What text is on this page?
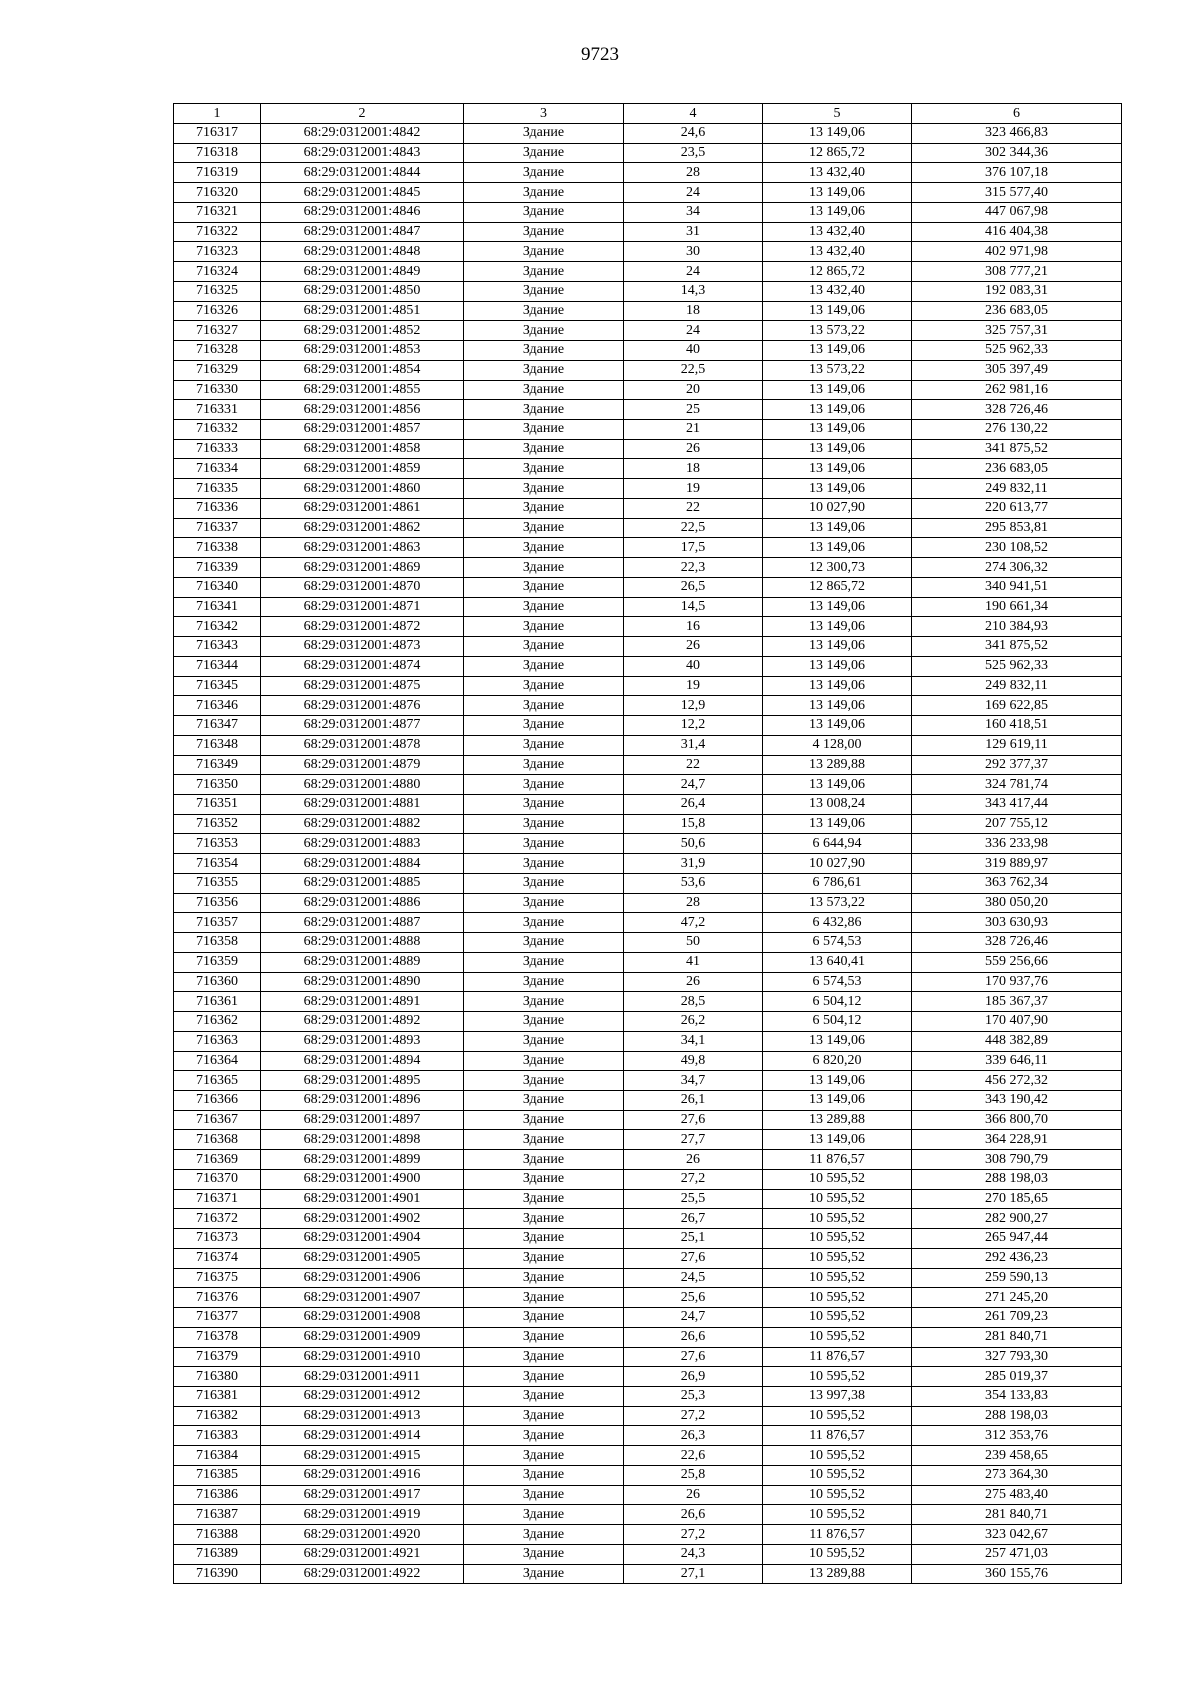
9723
1	2	3	4	5	6
716317	68:29:0312001:4842	Здание	24,6	13 149,06	323 466,83
716318	68:29:0312001:4843	Здание	23,5	12 865,72	302 344,36
716319	68:29:0312001:4844	Здание	28	13 432,40	376 107,18
716320	68:29:0312001:4845	Здание	24	13 149,06	315 577,40
716321	68:29:0312001:4846	Здание	34	13 149,06	447 067,98
716322	68:29:0312001:4847	Здание	31	13 432,40	416 404,38
716323	68:29:0312001:4848	Здание	30	13 432,40	402 971,98
716324	68:29:0312001:4849	Здание	24	12 865,72	308 777,21
716325	68:29:0312001:4850	Здание	14,3	13 432,40	192 083,31
716326	68:29:0312001:4851	Здание	18	13 149,06	236 683,05
716327	68:29:0312001:4852	Здание	24	13 573,22	325 757,31
716328	68:29:0312001:4853	Здание	40	13 149,06	525 962,33
716329	68:29:0312001:4854	Здание	22,5	13 573,22	305 397,49
716330	68:29:0312001:4855	Здание	20	13 149,06	262 981,16
716331	68:29:0312001:4856	Здание	25	13 149,06	328 726,46
716332	68:29:0312001:4857	Здание	21	13 149,06	276 130,22
716333	68:29:0312001:4858	Здание	26	13 149,06	341 875,52
716334	68:29:0312001:4859	Здание	18	13 149,06	236 683,05
716335	68:29:0312001:4860	Здание	19	13 149,06	249 832,11
716336	68:29:0312001:4861	Здание	22	10 027,90	220 613,77
716337	68:29:0312001:4862	Здание	22,5	13 149,06	295 853,81
716338	68:29:0312001:4863	Здание	17,5	13 149,06	230 108,52
716339	68:29:0312001:4869	Здание	22,3	12 300,73	274 306,32
716340	68:29:0312001:4870	Здание	26,5	12 865,72	340 941,51
716341	68:29:0312001:4871	Здание	14,5	13 149,06	190 661,34
716342	68:29:0312001:4872	Здание	16	13 149,06	210 384,93
716343	68:29:0312001:4873	Здание	26	13 149,06	341 875,52
716344	68:29:0312001:4874	Здание	40	13 149,06	525 962,33
716345	68:29:0312001:4875	Здание	19	13 149,06	249 832,11
716346	68:29:0312001:4876	Здание	12,9	13 149,06	169 622,85
716347	68:29:0312001:4877	Здание	12,2	13 149,06	160 418,51
716348	68:29:0312001:4878	Здание	31,4	4 128,00	129 619,11
716349	68:29:0312001:4879	Здание	22	13 289,88	292 377,37
716350	68:29:0312001:4880	Здание	24,7	13 149,06	324 781,74
716351	68:29:0312001:4881	Здание	26,4	13 008,24	343 417,44
716352	68:29:0312001:4882	Здание	15,8	13 149,06	207 755,12
716353	68:29:0312001:4883	Здание	50,6	6 644,94	336 233,98
716354	68:29:0312001:4884	Здание	31,9	10 027,90	319 889,97
716355	68:29:0312001:4885	Здание	53,6	6 786,61	363 762,34
716356	68:29:0312001:4886	Здание	28	13 573,22	380 050,20
716357	68:29:0312001:4887	Здание	47,2	6 432,86	303 630,93
716358	68:29:0312001:4888	Здание	50	6 574,53	328 726,46
716359	68:29:0312001:4889	Здание	41	13 640,41	559 256,66
716360	68:29:0312001:4890	Здание	26	6 574,53	170 937,76
716361	68:29:0312001:4891	Здание	28,5	6 504,12	185 367,37
716362	68:29:0312001:4892	Здание	26,2	6 504,12	170 407,90
716363	68:29:0312001:4893	Здание	34,1	13 149,06	448 382,89
716364	68:29:0312001:4894	Здание	49,8	6 820,20	339 646,11
716365	68:29:0312001:4895	Здание	34,7	13 149,06	456 272,32
716366	68:29:0312001:4896	Здание	26,1	13 149,06	343 190,42
716367	68:29:0312001:4897	Здание	27,6	13 289,88	366 800,70
716368	68:29:0312001:4898	Здание	27,7	13 149,06	364 228,91
716369	68:29:0312001:4899	Здание	26	11 876,57	308 790,79
716370	68:29:0312001:4900	Здание	27,2	10 595,52	288 198,03
716371	68:29:0312001:4901	Здание	25,5	10 595,52	270 185,65
716372	68:29:0312001:4902	Здание	26,7	10 595,52	282 900,27
716373	68:29:0312001:4904	Здание	25,1	10 595,52	265 947,44
716374	68:29:0312001:4905	Здание	27,6	10 595,52	292 436,23
716375	68:29:0312001:4906	Здание	24,5	10 595,52	259 590,13
716376	68:29:0312001:4907	Здание	25,6	10 595,52	271 245,20
716377	68:29:0312001:4908	Здание	24,7	10 595,52	261 709,23
716378	68:29:0312001:4909	Здание	26,6	10 595,52	281 840,71
716379	68:29:0312001:4910	Здание	27,6	11 876,57	327 793,30
716380	68:29:0312001:4911	Здание	26,9	10 595,52	285 019,37
716381	68:29:0312001:4912	Здание	25,3	13 997,38	354 133,83
716382	68:29:0312001:4913	Здание	27,2	10 595,52	288 198,03
716383	68:29:0312001:4914	Здание	26,3	11 876,57	312 353,76
716384	68:29:0312001:4915	Здание	22,6	10 595,52	239 458,65
716385	68:29:0312001:4916	Здание	25,8	10 595,52	273 364,30
716386	68:29:0312001:4917	Здание	26	10 595,52	275 483,40
716387	68:29:0312001:4919	Здание	26,6	10 595,52	281 840,71
716388	68:29:0312001:4920	Здание	27,2	11 876,57	323 042,67
716389	68:29:0312001:4921	Здание	24,3	10 595,52	257 471,03
716390	68:29:0312001:4922	Здание	27,1	13 289,88	360 155,76
